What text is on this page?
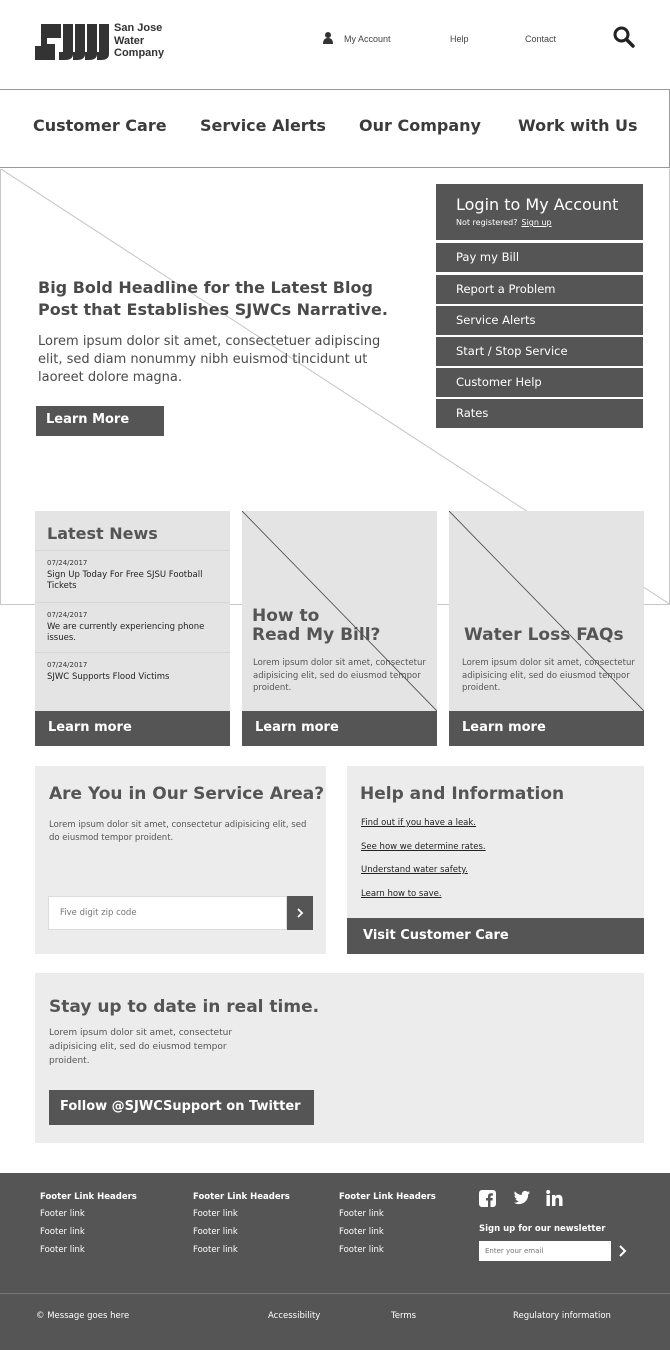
San Jose
Water
Company
My Account	Help	Contact
Customer Care Service Alerts Our Company Work with Us
Big Bold Headline for the Latest Blog Post that Establishes SJWCs Narrative.
Lorem ipsum dolor sit amet, consectetuer adipiscing elit, sed diam nonummy nibh euismod tincidunt ut laoreet dolore magna.
Learn More
Login to My Account
Not registered? Sign up
Pay my Bill
Report a Problem
Service Alerts
Start / Stop Service
Customer Help
Rates
Latest News
07/24/2017
Sign Up Today For Free SJSU Football Tickets
07/24/2017
We are currently experiencing phone issues.
07/24/2017
SJWC Supports Flood Victims
Learn more
How to
Read My Bill?
Lorem ipsum dolor sit amet, consectetur adipisicing elit, sed do eiusmod tempor proident.
Learn more
Water Loss FAQs
Lorem ipsum dolor sit amet, consectetur adipisicing elit, sed do eiusmod tempor proident.
Learn more
Are You in Our Service Area?
Lorem ipsum dolor sit amet, consectetur adipisicing elit, sed do eiusmod tempor proident.
Five digit zip code
Help and Information
Find out if you have a leak.
See how we determine rates.
Understand water safety.
Learn how to save.
Visit Customer Care
Stay up to date in real time.
Lorem ipsum dolor sit amet, consectetur adipisicing elit, sed do eiusmod tempor proident.
Follow @SJWCSupport on Twitter
Footer Link Headers
Footer link
Footer link
Footer link
Footer Link Headers
Footer link
Footer link
Footer link
Footer Link Headers
Footer link
Footer link
Footer link
Sign up for our newsletter
Enter your email
© Message goes here	Accessibility	Terms	Regulatory information
